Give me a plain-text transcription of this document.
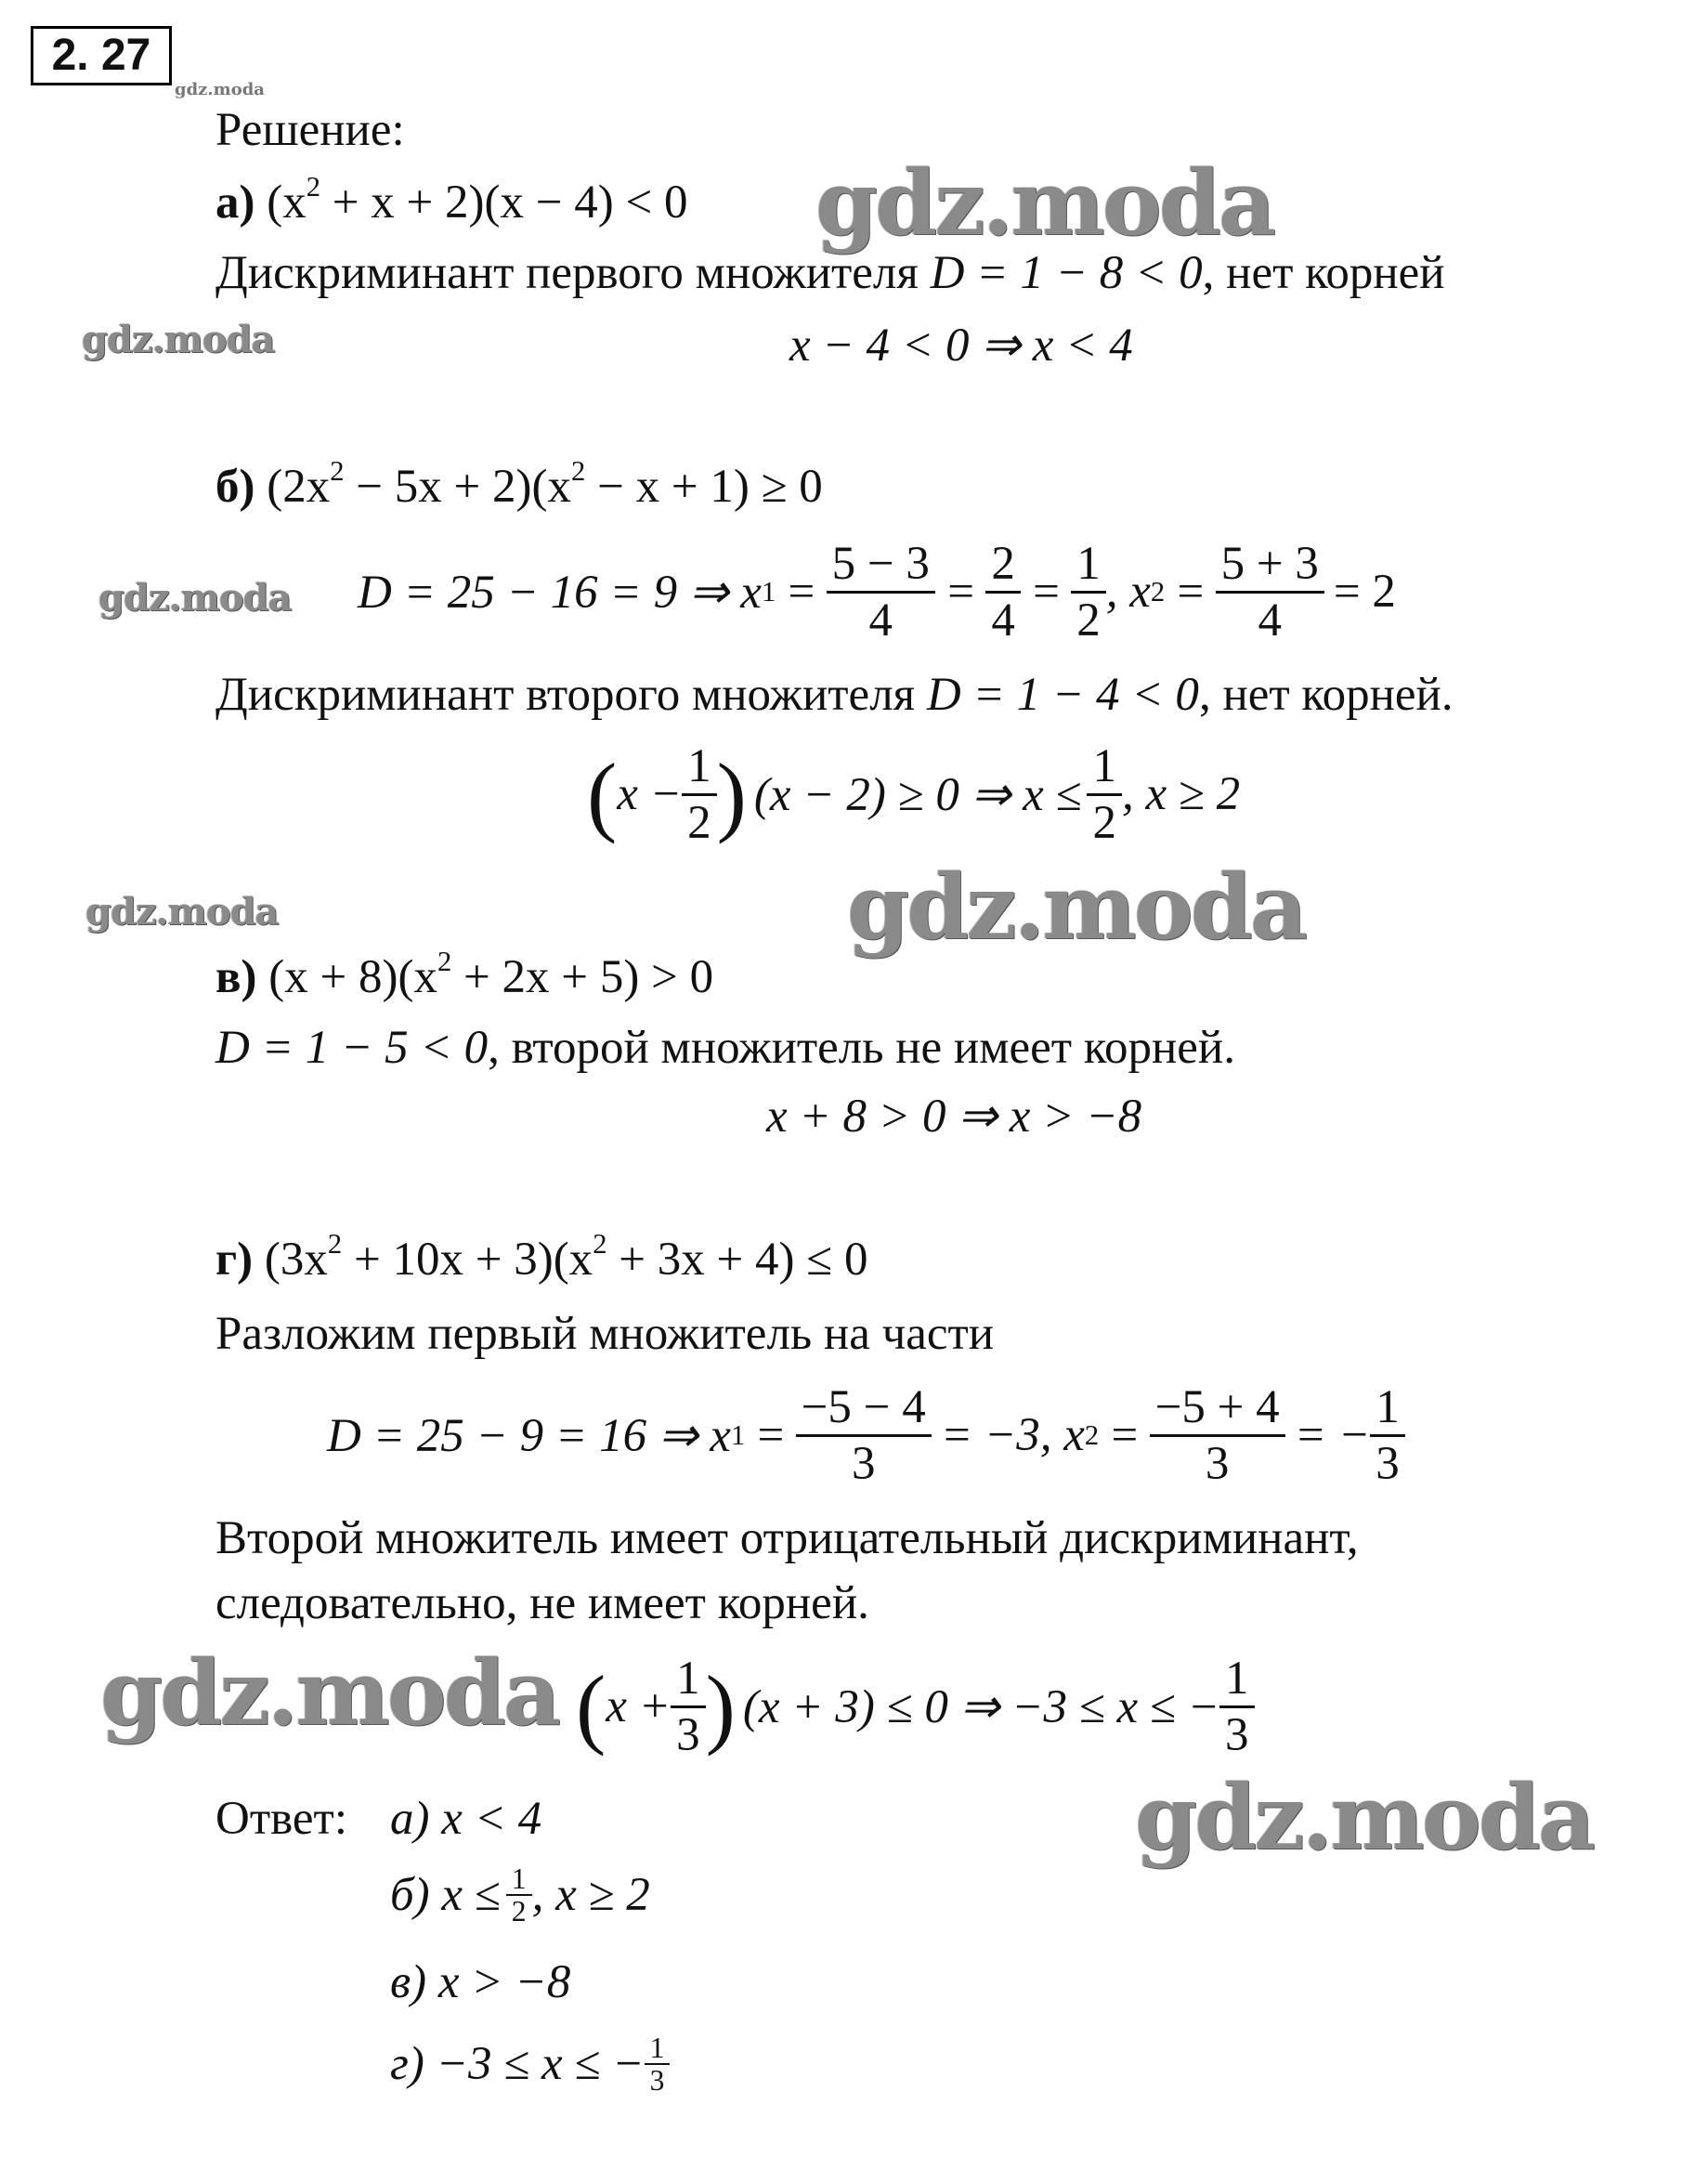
2. 27
gdz.moda
Решение:
а) $(x^2 + x + 2)(x - 4) < 0$ gdz.moda
Дискриминант первого множителя D = 1 − 8 < 0, нет корней
gdz.moda	x − 4 < 0 ⇒ x < 4
б) $(2x^2 - 5x + 2)(x^2 - x + 1) \ge 0$
gdz.moda D = 25 − 16 = 9 ⇒ x $1 = \frac{5 - 3}{4} = \frac{2}{4} = \frac{1}{2}$ , x $2 = \frac{5 + 3}{4} = 2$
Дискриминант второго множителя D = 1 − 4 < 0, нет корней.
( $x - \frac{1}{2}$ ) (x − 2) ≥ 0 ⇒ $x \le \frac{1}{2}$ , x ≥ 2
gdz.moda	gdz.moda
в) $(x + 8)(x^2 + 2x + 5) > 0$
D = 1 − 5 < 0, второй множитель не имеет корней.
x + 8 > 0 ⇒ x > −8
г) $(3x^2 + 10x + 3)(x^2 + 3x + 4) \le 0$
Разложим первый множитель на части
D = 25 − 9 = 16 ⇒ x $1 = \frac{-5 - 4}{3} = -3$, x $2 = \frac{-5 + 4}{3}$ = − $\frac{1}{3}$
Второй множитель имеет отрицательный дискриминант,
следовательно, не имеет корней.
gdz.moda ( $x + \frac{1}{3}$ ) (x + 3) ≤ 0 ⇒ −3 ≤ x ≤ − $\frac{1}{3}$
Ответ: а) x < 4	gdz.moda
б) $x \le \frac{1}{2}$ , x ≥ 2
в) x > −8
г) −3 ≤ x ≤ − $\frac{1}{3}$
